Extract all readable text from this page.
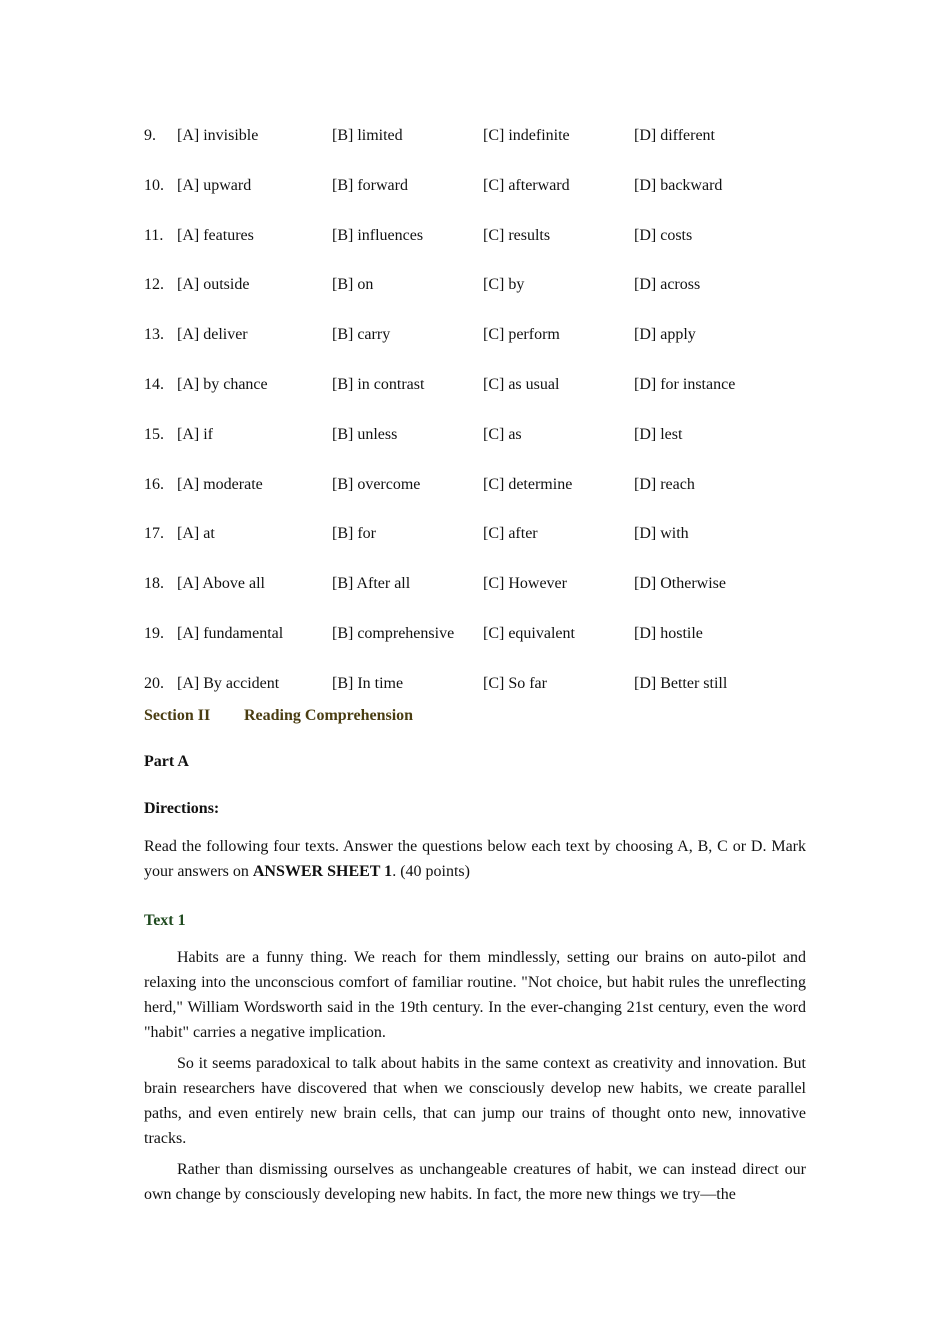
9. [A] invisible	[B] limited	[C] indefinite	[D] different
10. [A] upward	[B] forward	[C] afterward	[D] backward
11. [A] features	[B] influences	[C] results	[D] costs
12. [A] outside	[B] on	[C] by	[D] across
13. [A] deliver	[B] carry	[C] perform	[D] apply
14. [A] by chance	[B] in contrast	[C] as usual	[D] for instance
15. [A] if	[B] unless	[C] as	[D] lest
16. [A] moderate	[B] overcome	[C] determine	[D] reach
17. [A] at	[B] for	[C] after	[D] with
18. [A] Above all	[B] After all	[C] However	[D] Otherwise
19. [A] fundamental	[B] comprehensive [C] equivalent	[D] hostile
20. [A] By accident	[B] In time	[C] So far	[D] Better still
Section II Reading Comprehension
Part A
Directions:
Read the following four texts. Answer the questions below each text by choosing A, B, C or D. Mark your answers on ANSWER SHEET 1. (40 points)
Text 1

Habits are a funny thing. We reach for them mindlessly, setting our brains on auto-pilot and relaxing into the unconscious comfort of familiar routine. "Not choice, but habit rules the unreflecting herd," William Wordsworth said in the 19th century. In the ever-changing 21st century, even the word "habit" carries a negative implication.

So it seems paradoxical to talk about habits in the same context as creativity and innovation. But brain researchers have discovered that when we consciously develop new habits, we create parallel paths, and even entirely new brain cells, that can jump our trains of thought onto new, innovative tracks.

Rather than dismissing ourselves as unchangeable creatures of habit, we can instead direct our own change by consciously developing new habits. In fact, the more new things we try—the
